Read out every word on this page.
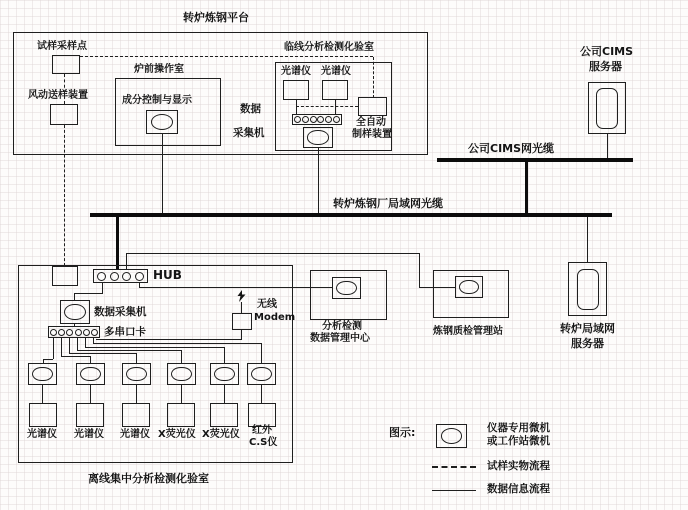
转炉炼钢平台
试样采样点
风动送样装置
炉前操作室
成分控制与显示
数据
采集机
临线分析检测化验室
光谱仪 光谱仪
全自动
制样装置
公司CIMS
服务器
公司CIMS网光缆
转炉炼钢厂局域网光缆
转炉局域网
服务器
分析检测
数据管理中心
炼钢质检管理站
HUB
数据采集机
多串口卡
无线
Modem
光谱仪 光谱仪 光谱仪 X荧光仪 X荧光仪 红外
C.S仪
离线集中分析检测化验室
图示:	仪器专用微机
或工作站微机
试样实物流程
数据信息流程
